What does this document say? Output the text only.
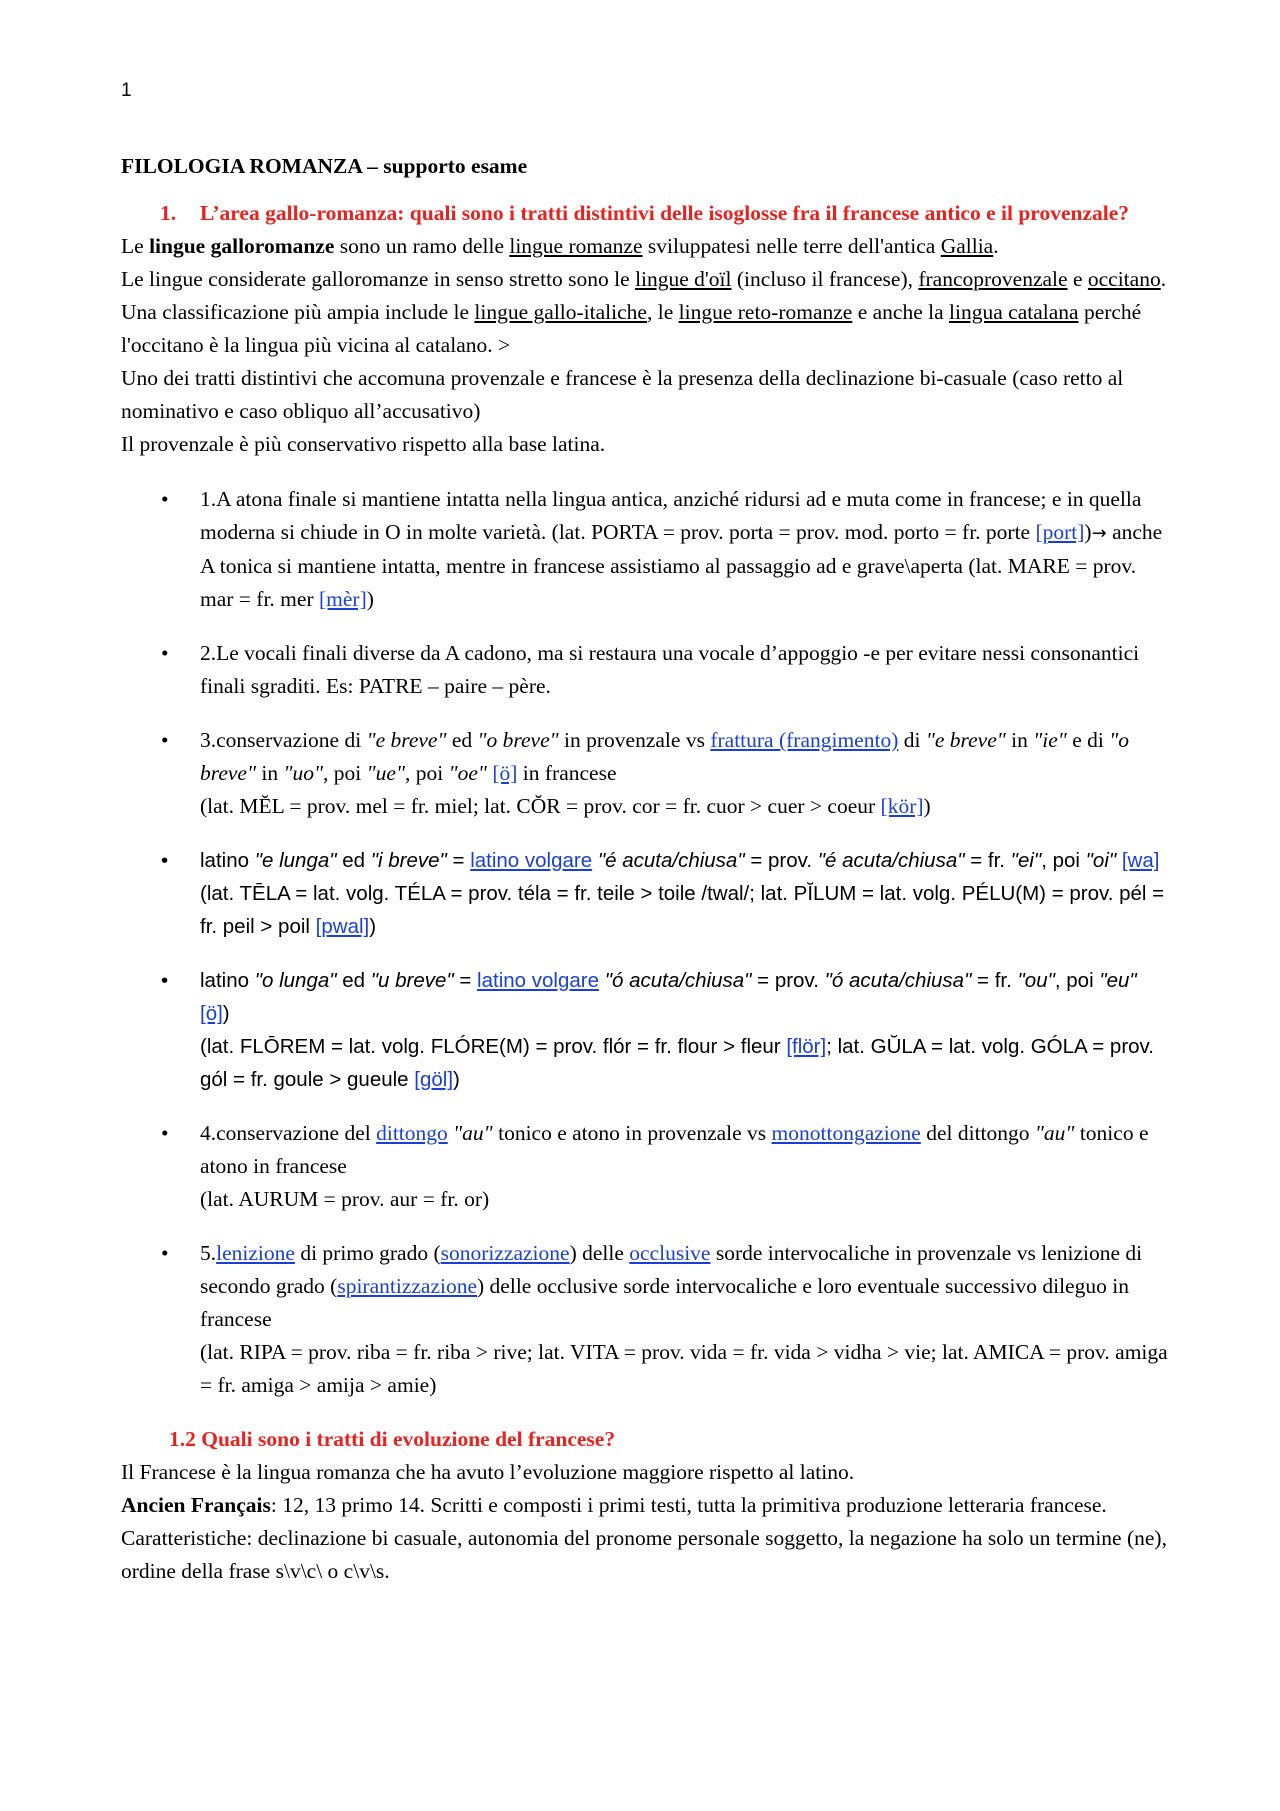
1

FILOLOGIA ROMANZA – supporto esame

1. L’area gallo-romanza: quali sono i tratti distintivi delle isoglosse fra il francese antico e il provenzale?

Le lingue galloromanze sono un ramo delle lingue romanze sviluppatesi nelle terre dell'antica Gallia.
Le lingue considerate galloromanze in senso stretto sono le lingue d'oïl (incluso il francese), francoprovenzale e occitano. Una classificazione più ampia include le lingue gallo-italiche, le lingue reto-romanze e anche la lingua catalana perché l'occitano è la lingua più vicina al catalano. >

Uno dei tratti distintivi che accomuna provenzale e francese è la presenza della declinazione bi-casuale (caso retto al nominativo e caso obliquo all’accusativo)

Il provenzale è più conservativo rispetto alla base latina.

• 1.A atona finale si mantiene intatta nella lingua antica, anziché ridursi ad e muta come in francese; e in quella moderna si chiude in O in molte varietà. (lat. PORTA = prov. porta = prov. mod. porto = fr. porte [port])→ anche A tonica si mantiene intatta, mentre in francese assistiamo al passaggio ad e grave\aperta (lat. MARE = prov. mar = fr. mer [mèr])
• 2.Le vocali finali diverse da A cadono, ma si restaura una vocale d’appoggio -e per evitare nessi consonantici finali sgraditi. Es: PATRE – paire – père.
• 3.conservazione di "e breve" ed "o breve" in provenzale vs frattura (frangimento) di "e breve" in "ie" e di "o breve" in "uo", poi "ue", poi "oe" [ö] in francese
(lat. MĔL = prov. mel = fr. miel; lat. CŎR = prov. cor = fr. cuor > cuer > coeur [kör])
• latino "e lunga" ed "i breve" = latino volgare "é acuta/chiusa" = prov. "é acuta/chiusa" = fr. "ei", poi "oi" [wa]
(lat. TĒLA = lat. volg. TÉLA = prov. téla = fr. teile > toile /twal/; lat. PĬLUM = lat. volg. PÉLU(M) = prov. pél = fr. peil > poil [pwal])
• latino "o lunga" ed "u breve" = latino volgare "ó acuta/chiusa" = prov. "ó acuta/chiusa" = fr. "ou", poi "eu" [ö])
(lat. FLŌREM = lat. volg. FLÓRE(M) = prov. flór = fr. flour > fleur [flör]; lat. GŬLA = lat. volg. GÓLA = prov. gól = fr. goule > gueule [göl])
• 4.conservazione del dittongo "au" tonico e atono in provenzale vs monottongazione del dittongo "au" tonico e atono in francese
(lat. AURUM = prov. aur = fr. or)
• 5.lenizione di primo grado (sonorizzazione) delle occlusive sorde intervocaliche in provenzale vs lenizione di secondo grado (spirantizzazione) delle occlusive sorde intervocaliche e loro eventuale successivo dileguo in francese
(lat. RIPA = prov. riba = fr. riba > rive; lat. VITA = prov. vida = fr. vida > vidha > vie; lat. AMICA = prov. amiga = fr. amiga > amija > amie)

1.2 Quali sono i tratti di evoluzione del francese?

Il Francese è la lingua romanza che ha avuto l’evoluzione maggiore rispetto al latino.

Ancien Français: 12, 13 primo 14. Scritti e composti i primi testi, tutta la primitiva produzione letteraria francese. Caratteristiche: declinazione bi casuale, autonomia del pronome personale soggetto, la negazione ha solo un termine (ne), ordine della frase s\v\c\ o c\v\s.
